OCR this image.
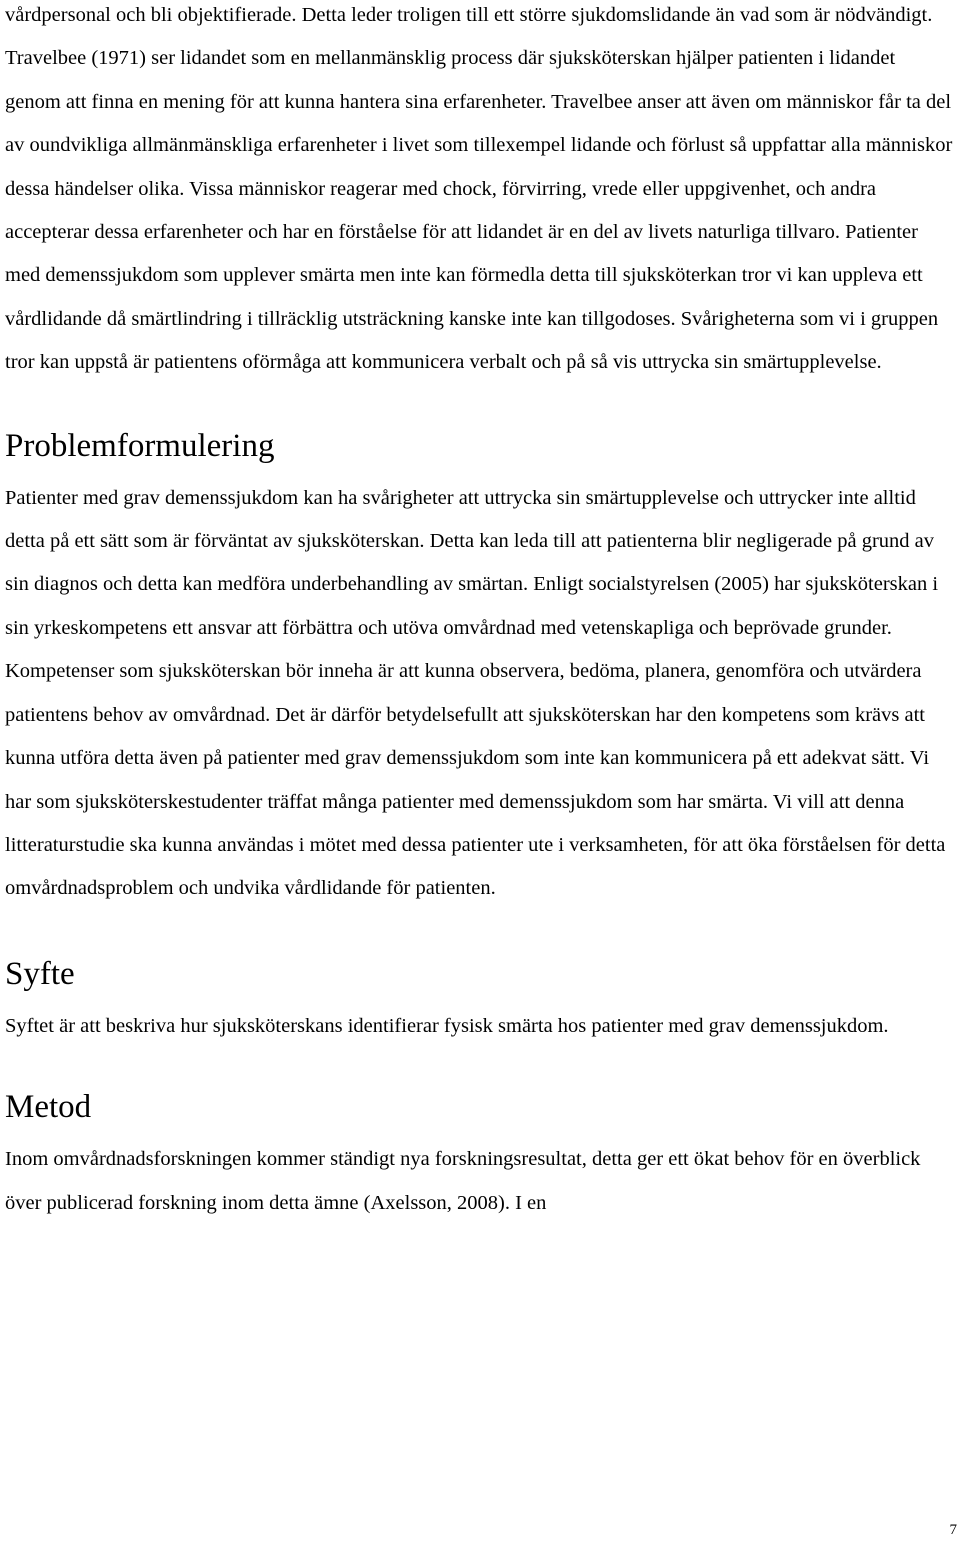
vårdpersonal och bli objektifierade. Detta leder troligen till ett större sjukdomslidande än vad som är nödvändigt. Travelbee (1971) ser lidandet som en mellanmänsklig process där sjuksköterskan hjälper patienten i lidandet genom att finna en mening för att kunna hantera sina erfarenheter. Travelbee anser att även om människor får ta del av oundvikliga allmänmänskliga erfarenheter i livet som tillexempel lidande och förlust så uppfattar alla människor dessa händelser olika. Vissa människor reagerar med chock, förvirring, vrede eller uppgivenhet, och andra accepterar dessa erfarenheter och har en förståelse för att lidandet är en del av livets naturliga tillvaro. Patienter med demenssjukdom som upplever smärta men inte kan förmedla detta till sjuksköterkan tror vi kan uppleva ett vårdlidande då smärtlindring i tillräcklig utsträckning kanske inte kan tillgodoses. Svårigheterna som vi i gruppen tror kan uppstå är patientens oförmåga att kommunicera verbalt och på så vis uttrycka sin smärtupplevelse.

Problemformulering

Patienter med grav demenssjukdom kan ha svårigheter att uttrycka sin smärtupplevelse och uttrycker inte alltid detta på ett sätt som är förväntat av sjuksköterskan. Detta kan leda till att patienterna blir negligerade på grund av sin diagnos och detta kan medföra underbehandling av smärtan. Enligt socialstyrelsen (2005) har sjuksköterskan i sin yrkeskompetens ett ansvar att förbättra och utöva omvårdnad med vetenskapliga och beprövade grunder. Kompetenser som sjuksköterskan bör inneha är att kunna observera, bedöma, planera, genomföra och utvärdera patientens behov av omvårdnad. Det är därför betydelsefullt att sjuksköterskan har den kompetens som krävs att kunna utföra detta även på patienter med grav demenssjukdom som inte kan kommunicera på ett adekvat sätt. Vi har som sjuksköterskestudenter träffat många patienter med demenssjukdom som har smärta. Vi vill att denna litteraturstudie ska kunna användas i mötet med dessa patienter ute i verksamheten, för att öka förståelsen för detta omvårdnadsproblem och undvika vårdlidande för patienten.

Syfte

Syftet är att beskriva hur sjuksköterskans identifierar fysisk smärta hos patienter med grav demenssjukdom.

Metod

Inom omvårdnadsforskningen kommer ständigt nya forskningsresultat, detta ger ett ökat behov för en överblick över publicerad forskning inom detta ämne (Axelsson, 2008). I en

7
